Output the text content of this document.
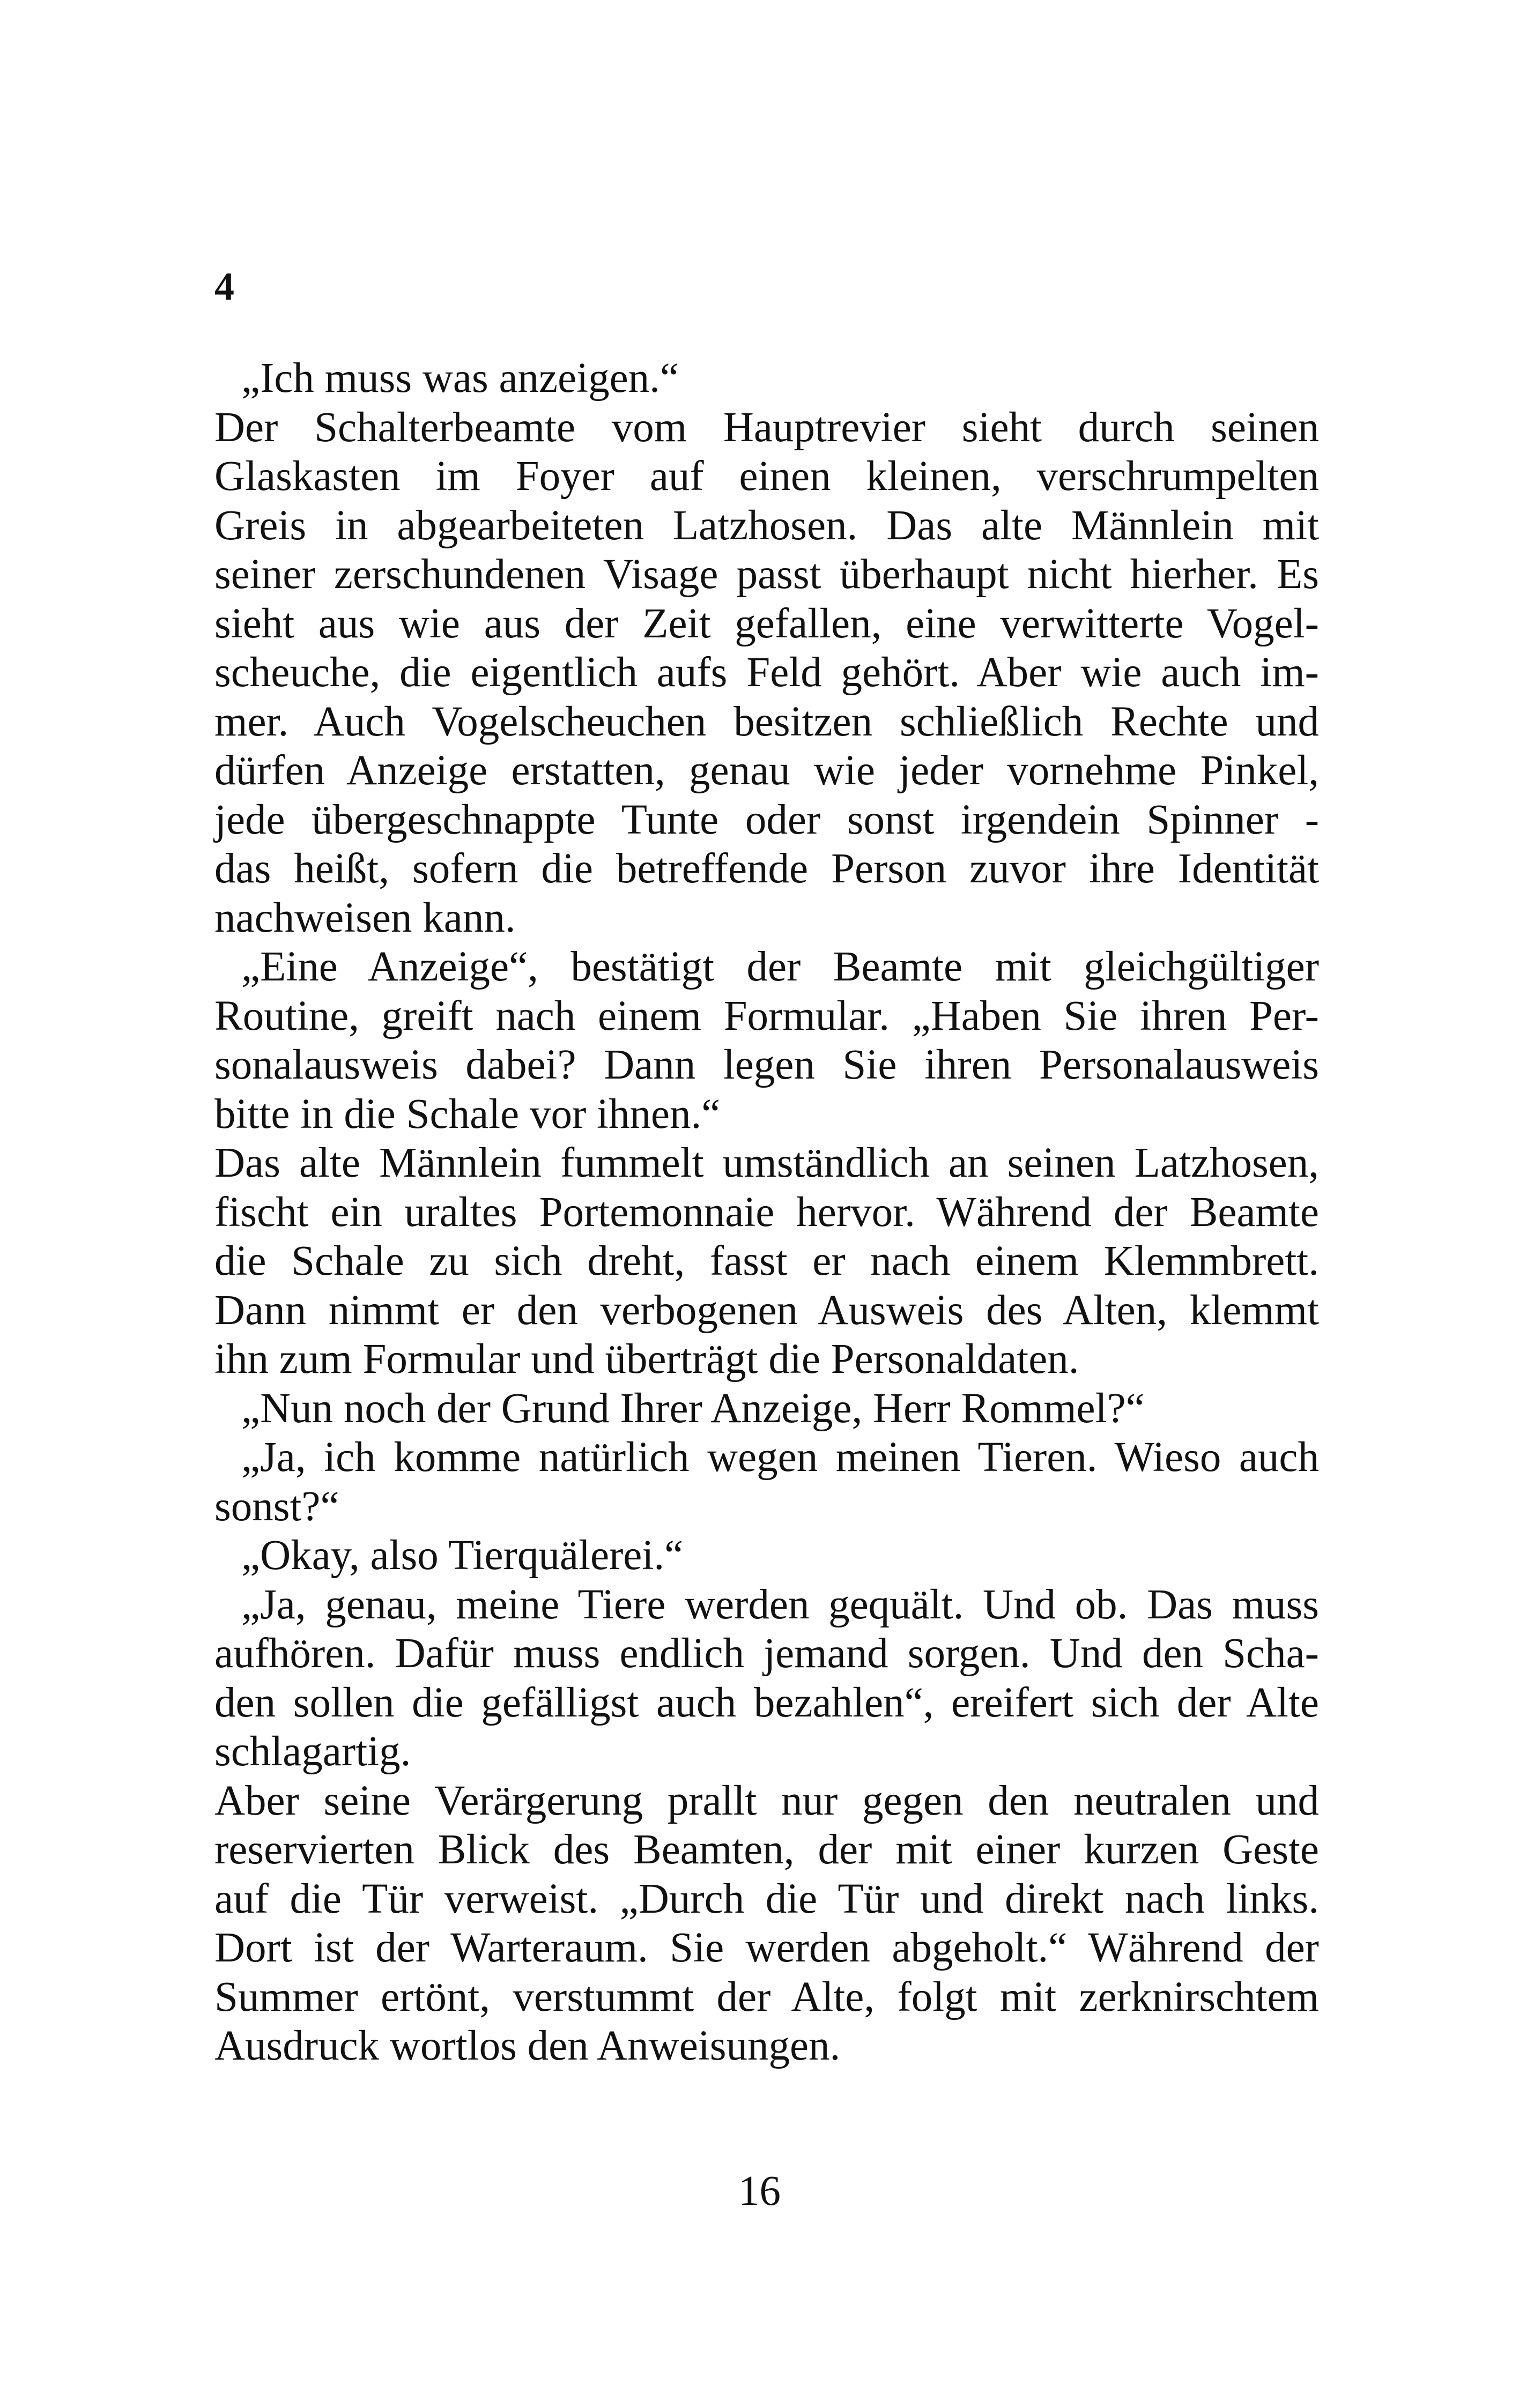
4
„Ich muss was anzeigen.“
Der Schalterbeamte vom Hauptrevier sieht durch seinen
Glaskasten im Foyer auf einen kleinen, verschrumpelten
Greis in abgearbeiteten Latzhosen. Das alte Männlein mit
seiner zerschundenen Visage passt überhaupt nicht hierher. Es
sieht aus wie aus der Zeit gefallen, eine verwitterte Vogel-
scheuche, die eigentlich aufs Feld gehört. Aber wie auch im-
mer. Auch Vogelscheuchen besitzen schließlich Rechte und
dürfen Anzeige erstatten, genau wie jeder vornehme Pinkel,
jede übergeschnappte Tunte oder sonst irgendein Spinner -
das heißt, sofern die betreffende Person zuvor ihre Identität
nachweisen kann.
„Eine Anzeige“, bestätigt der Beamte mit gleichgültiger
Routine, greift nach einem Formular. „Haben Sie ihren Per-
sonalausweis dabei? Dann legen Sie ihren Personalausweis
bitte in die Schale vor ihnen.“
Das alte Männlein fummelt umständlich an seinen Latzhosen,
fischt ein uraltes Portemonnaie hervor. Während der Beamte
die Schale zu sich dreht, fasst er nach einem Klemmbrett.
Dann nimmt er den verbogenen Ausweis des Alten, klemmt
ihn zum Formular und überträgt die Personaldaten.
„Nun noch der Grund Ihrer Anzeige, Herr Rommel?“
„Ja, ich komme natürlich wegen meinen Tieren. Wieso auch
sonst?“
„Okay, also Tierquälerei.“
„Ja, genau, meine Tiere werden gequält. Und ob. Das muss
aufhören. Dafür muss endlich jemand sorgen. Und den Scha-
den sollen die gefälligst auch bezahlen“, ereifert sich der Alte
schlagartig.
Aber seine Verärgerung prallt nur gegen den neutralen und
reservierten Blick des Beamten, der mit einer kurzen Geste
auf die Tür verweist. „Durch die Tür und direkt nach links.
Dort ist der Warteraum. Sie werden abgeholt.“ Während der
Summer ertönt, verstummt der Alte, folgt mit zerknirschtem
Ausdruck wortlos den Anweisungen.
16
